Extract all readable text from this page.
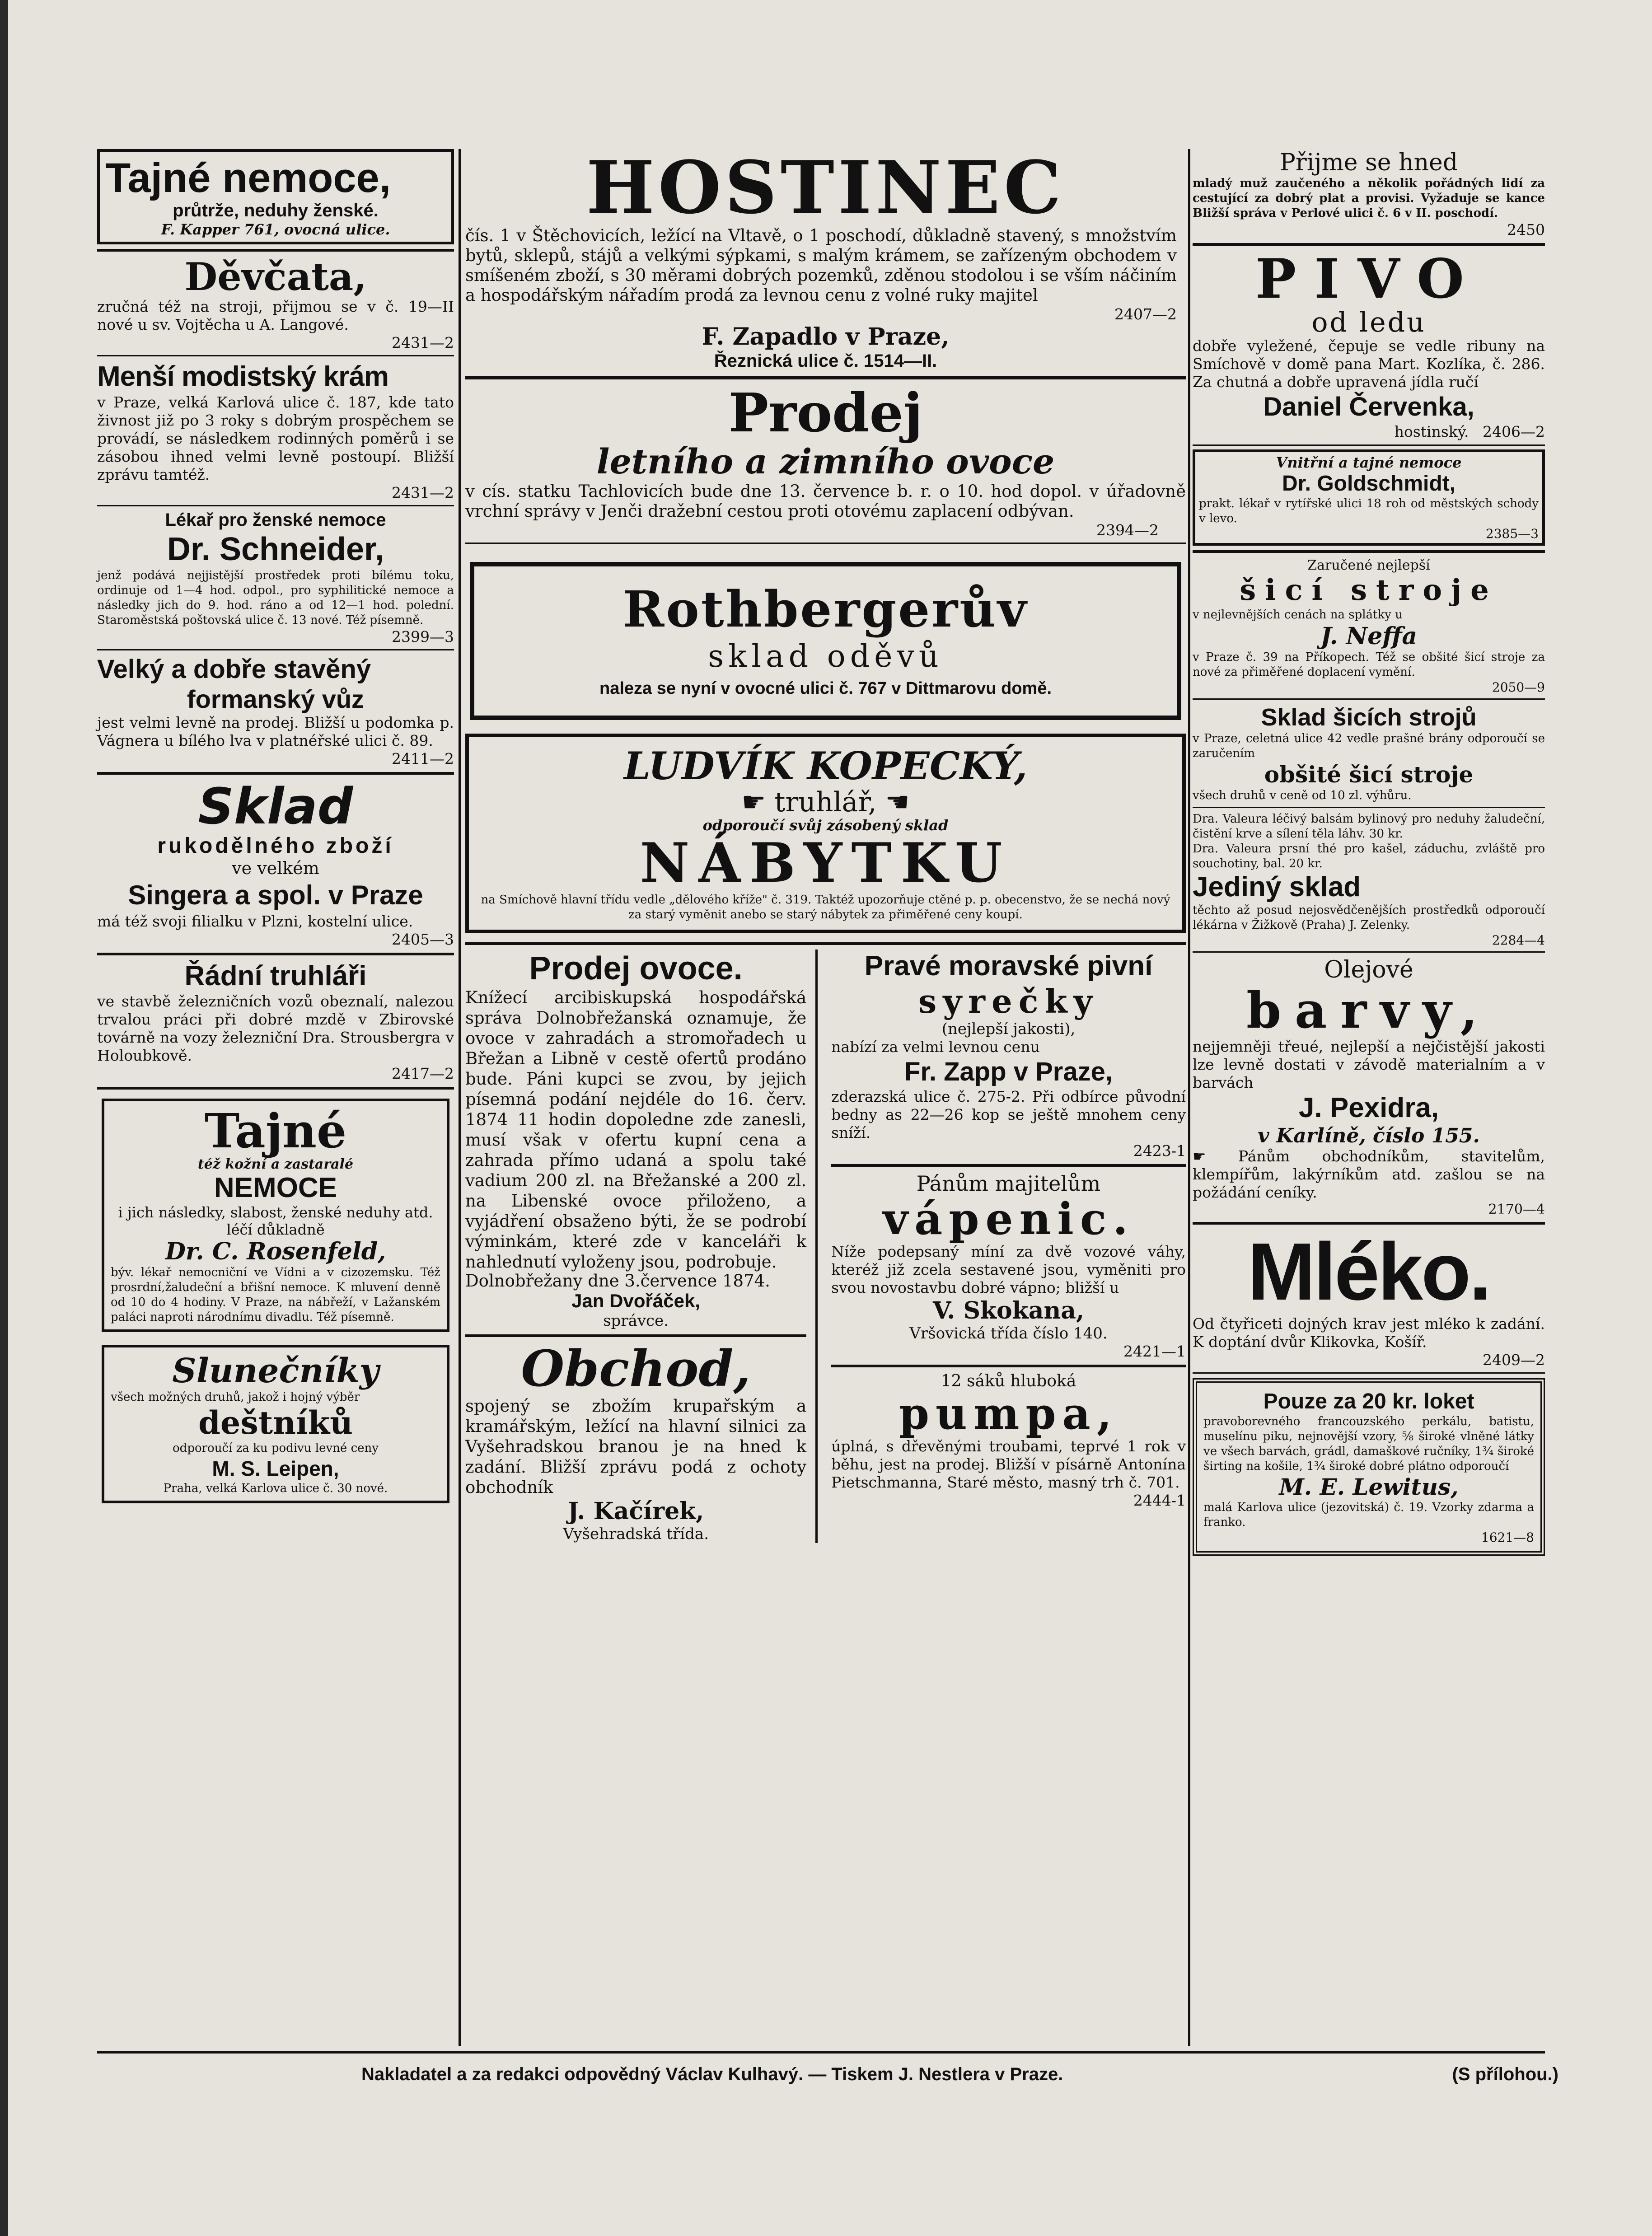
Tajné nemoce,
průtrže, neduhy ženské.
F. Kapper 761, ovocná ulice.
Děvčata,
zručná též na stroji, přijmou se v č. 19—II nové u sv. Vojtěcha u A. Langové.
2431—2
Menší modistský krám
v Praze, velká Karlová ulice č. 187, kde tato živnost již po 3 roky s dobrým prospěchem se provádí, se následkem rodinných poměrů i se zásobou ihned velmi levně postoupí. Bližší zprávu tamtéž.
2431—2
Lékař pro ženské nemoce
Dr. Schneider,
jenž podává nejjistější prostředek proti bílému toku, ordinuje od 1—4 hod. odpol., pro syphilitické nemoce a následky jich do 9. hod. ráno a od 12—1 hod. polední. Staroměstská poštovská ulice č. 13 nové. Též písemně.
2399—3
Velký a dobře stavěný
formanský vůz
jest velmi levně na prodej. Bližší u podomka p. Vágnera u bílého lva v platnéřské ulici č. 89.
2411—2
Sklad
rukodělného zboží
ve velkém
Singera a spol. v Praze
má též svoji filialku v Plzni, kostelní ulice.
2405—3
Řádní truhláři
ve stavbě železničních vozů obeznalí, nalezou trvalou práci při dobré mzdě v Zbirovské továrně na vozy železniční Dra. Strousbergra v Holoubkově.
2417—2
Tajné
též kožní a zastaralé
NEMOCE
i jich následky, slabost, ženské neduhy atd. léčí důkladně
Dr. C. Rosenfeld,
býv. lékař nemocniční ve Vídni a v cizozemsku. Též prosrdní,žaludeční a břišní nemoce. K mluvení denně od 10 do 4 hodiny. V Praze, na nábřeží, v Lažanském paláci naproti národnímu divadlu. Též písemně.
Slunečníky
všech možných druhů, jakož i hojný výběr
deštníků
odporoučí za ku podivu levné ceny
M. S. Leipen,
Praha, velká Karlova ulice č. 30 nové.
HOSTINEC
čís. 1 v Štěchovicích, ležící na Vltavě, o 1 poschodí, důkladně stavený, s množstvím bytů, sklepů, stájů a velkými sýpkami, s malým krámem, se zařízeným obchodem v smíšeném zboží, s 30 měrami dobrých pozemků, zděnou stodolou i se vším náčiním a hospodářským nářadím prodá za levnou cenu z volné ruky majitel
2407—2
F. Zapadlo v Praze,
Řeznická ulice č. 1514—II.
Prodej
letního a zimního ovoce
v cís. statku Tachlovicích bude dne 13. července b. r. o 10. hod dopol. v úřadovně vrchní správy v Jenči dražební cestou proti otovému zaplacení odbývan.
2394—2
Rothbergerův
sklad oděvů
naleza se nyní v ovocné ulici č. 767 v Dittmarovu domě.
LUDVÍK KOPECKÝ,
☛ truhlář, ☚
odporoučí svůj zásobený sklad
NÁBYTKU
na Smíchově hlavní třídu vedle „dělového kříže" č. 319. Taktéž upozorňuje ctěné p. p. obecenstvo, že se nechá nový za starý vyměnit anebo se starý nábytek za přiměřené ceny koupí.
Prodej ovoce.
Knížecí arcibiskupská hospodářská správa Dolnobřežanská oznamuje, že ovoce v zahradách a stromořadech u Břežan a Libně v cestě ofertů prodáno bude. Páni kupci se zvou, by jejich písemná podání nejdéle do 16. červ. 1874 11 hodin dopoledne zde zanesli, musí však v ofertu kupní cena a zahrada přímo udaná a spolu také vadium 200 zl. na Břežanské a 200 zl. na Libenské ovoce přiloženo, a vyjádření obsaženo býti, že se podrobí výminkám, které zde v kanceláři k nahlednutí vyloženy jsou, podrobuje.
Dolnobřežany dne 3.července 1874.
Jan Dvořáček,
správce.
Obchod,
spojený se zbožím krupařským a kramářským, ležící na hlavní silnici za Vyšehradskou branou je na hned k zadání. Bližší zprávu podá z ochoty obchodník
J. Kačírek,
Vyšehradská třída.
Pravé moravské pivní
syrečky
(nejlepší jakosti),
nabízí za velmi levnou cenu
Fr. Zapp v Praze,
zderazská ulice č. 275-2. Při odbírce původní bedny as 22—26 kop se ještě mnohem ceny sníží.
2423-1
Pánům majitelům
vápenic.
Níže podepsaný míní za dvě vozové váhy, kteréž již zcela sestavené jsou, vyměniti pro svou novostavbu dobré vápno; bližší u
V. Skokana,
Vršovická třída číslo 140.
2421—1
12 sáků hluboká
pumpa,
úplná, s dřevěnými troubami, teprvé 1 rok v běhu, jest na prodej. Bližší v písárně Antonína Pietschmanna, Staré město, masný trh č. 701.
2444-1
Přijme se hned
mladý muž zaučeného a několik pořádných lidí za cestující za dobrý plat a provisi. Vyžaduje se kance Bližší správa v Perlové ulici č. 6 v II. poschodí.
2450
PIVO
od ledu
dobře vyležené, čepuje se vedle ribuny na Smíchově v domě pana Mart. Kozlíka, č. 286. Za chutná a dobře upravená jídla ručí
Daniel Červenka,
hostinský. 2406—2
Vnitřní a tajné nemoce
Dr. Goldschmidt,
prakt. lékař v rytířské ulici 18 roh od městských schody v levo.
2385—3
Zaručené nejlepší
šicí stroje
v nejlevnějších cenách na splátky u
J. Neffa
v Praze č. 39 na Příkopech. Též se obšité šicí stroje za nové za přiměřené doplacení vymění.
2050—9
Sklad šicích strojů
v Praze, celetná ulice 42 vedle prašné brány odporoučí se zaručením
obšité šicí stroje
všech druhů v ceně od 10 zl. výhůru.
Dra. Valeura léčivý balsám bylinový pro neduhy žaludeční, čistění krve a sílení těla láhv. 30 kr.
Dra. Valeura prsní thé pro kašel, záduchu, zvláště pro souchotiny, bal. 20 kr.
Jediný sklad
těchto až posud nejosvědčenějších prostředků odporoučí lékárna v Žižkově (Praha) J. Zelenky.
2284—4
Olejové
barvy,
nejjemněji třeué, nejlepší a nejčistější jakosti lze levně dostati v závodě materialním a v barvách
J. Pexidra,
v Karlíně, číslo 155.
☛ Pánům obchodníkům, stavitelům, klempířům, lakýrníkům atd. zašlou se na požádání ceníky.
2170—4
Mléko.
Od čtyřiceti dojných krav jest mléko k zadání. K doptání dvůr Klikovka, Košíř.
2409—2
Pouze za 20 kr. loket
pravoborevného francouzského perkálu, batistu, muselínu piku, nejnovější vzory, ⅝ široké vlněné látky ve všech barvách, grádl, damaškové ručníky, 1¾ široké širting na košile, 1¾ široké dobré plátno odporoučí
M. E. Lewitus,
malá Karlova ulice (jezovitská) č. 19. Vzorky zdarma a franko.
1621—8
Nakladatel a za redakci odpovědný Václav Kulhavý. — Tiskem J. Nestlera v Praze.	(S přílohou.)
